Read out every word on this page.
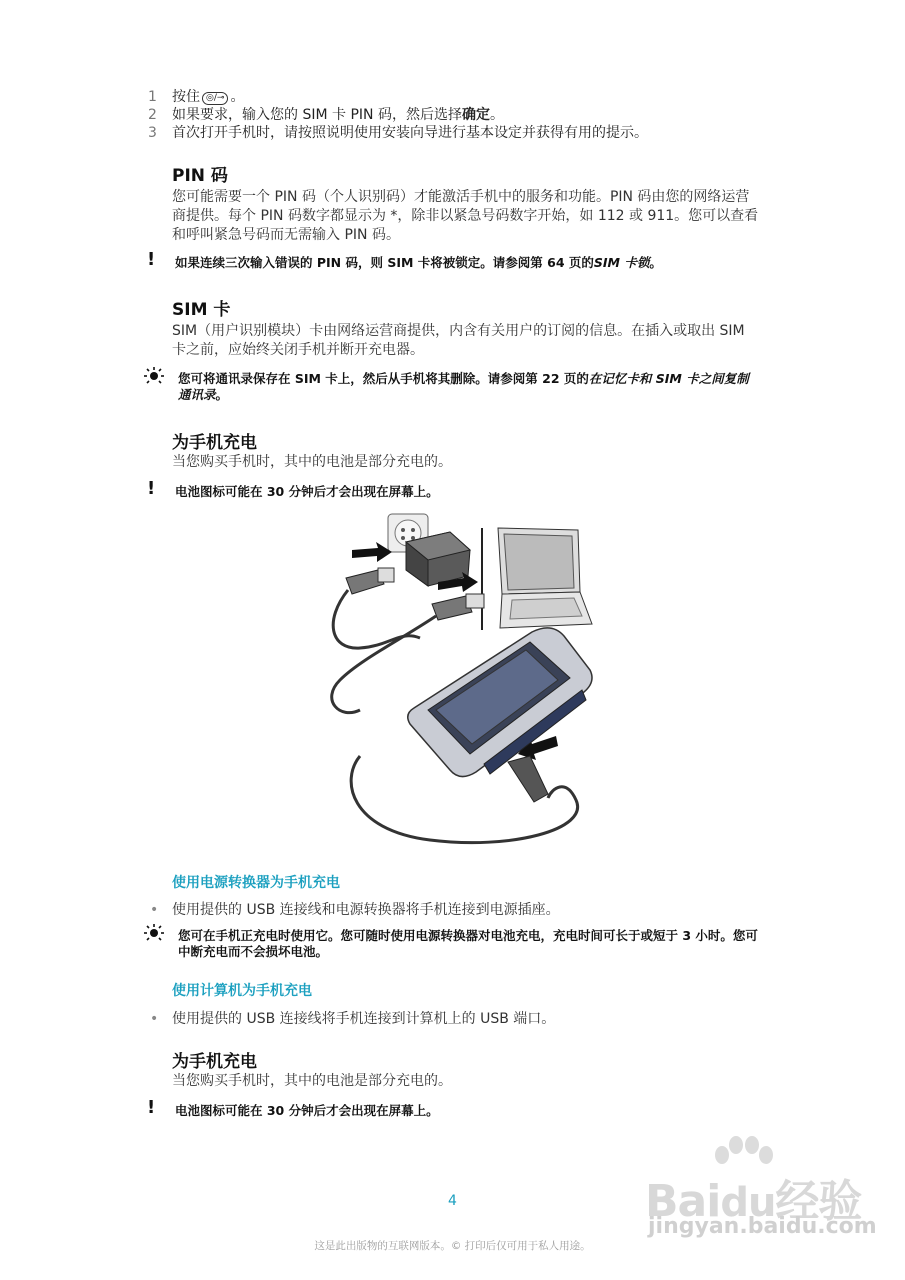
1 按住 ◎/⊸ 。
2 如果要求，输入您的 SIM 卡 PIN 码，然后选择确定。
3 首次打开手机时，请按照说明使用安装向导进行基本设定并获得有用的提示。
PIN 码
您可能需要一个 PIN 码（个人识别码）才能激活手机中的服务和功能。PIN 码由您的网络运营商提供。每个 PIN 码数字都显示为 *，除非以紧急号码数字开始，如 112 或 911。您可以查看和呼叫紧急号码而无需输入 PIN 码。
! 如果连续三次输入错误的 PIN 码，则 SIM 卡将被锁定。请参阅第 64 页的SIM 卡锁。
SIM 卡
SIM（用户识别模块）卡由网络运营商提供，内含有关用户的订阅的信息。在插入或取出 SIM 卡之前，应始终关闭手机并断开充电器。
您可将通讯录保存在 SIM 卡上，然后从手机将其删除。请参阅第 22 页的在记忆卡和 SIM 卡之间复制通讯录。
为手机充电
当您购买手机时，其中的电池是部分充电的。
! 电池图标可能在 30 分钟后才会出现在屏幕上。
使用电源转换器为手机充电
• 使用提供的 USB 连接线和电源转换器将手机连接到电源插座。
您可在手机正充电时使用它。您可随时使用电源转换器对电池充电，充电时间可长于或短于 3 小时。您可中断充电而不会损坏电池。
使用计算机为手机充电
• 使用提供的 USB 连接线将手机连接到计算机上的 USB 端口。
为手机充电
当您购买手机时，其中的电池是部分充电的。
! 电池图标可能在 30 分钟后才会出现在屏幕上。
Baidu经验
jingyan.baidu.com
4
这是此出版物的互联网版本。© 打印后仅可用于私人用途。
